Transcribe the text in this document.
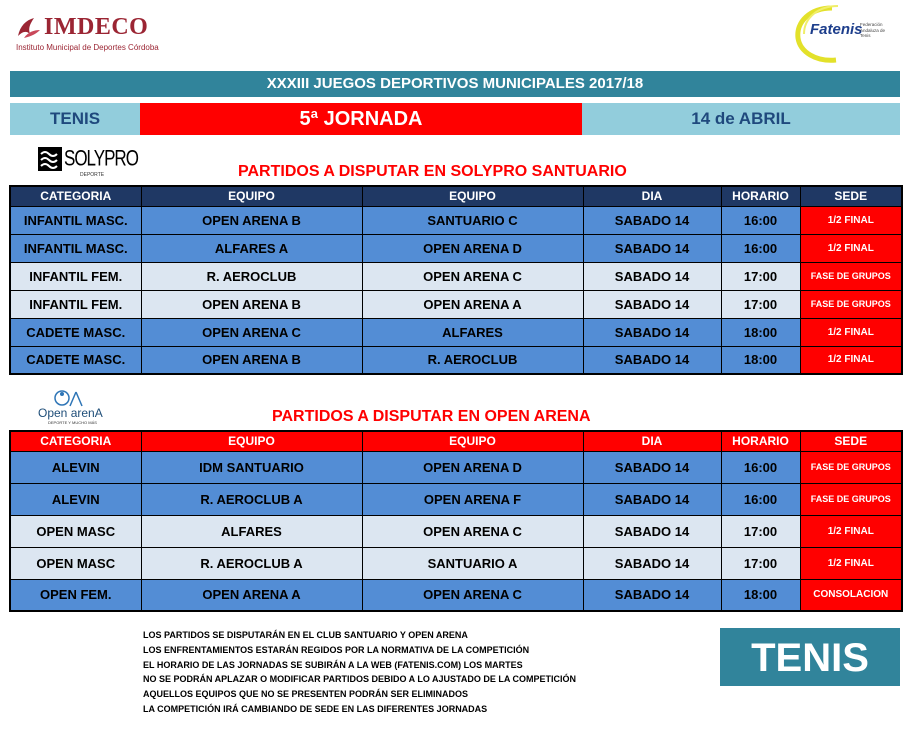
IMDECO
Instituto Municipal de Deportes Córdoba
Fatenis
Federación Andaluza de Tenis
XXXIII JUEGOS DEPORTIVOS MUNICIPALES 2017/18
TENIS	5ª JORNADA	14 de ABRIL
SOLYPRO
DEPORTE	PARTIDOS A DISPUTAR EN SOLYPRO SANTUARIO
CATEGORIA	EQUIPO	EQUIPO	DIA	HORARIO	SEDE
INFANTIL MASC.	OPEN ARENA B	SANTUARIO C	SABADO 14	16:00	1/2 FINAL
INFANTIL MASC.	ALFARES A	OPEN ARENA D	SABADO 14	16:00	1/2 FINAL
INFANTIL FEM.	R. AEROCLUB	OPEN ARENA C	SABADO 14	17:00	FASE DE GRUPOS
INFANTIL FEM.	OPEN ARENA B	OPEN ARENA A	SABADO 14	17:00	FASE DE GRUPOS
CADETE MASC.	OPEN ARENA C	ALFARES	SABADO 14	18:00	1/2 FINAL
CADETE MASC.	OPEN ARENA B	R. AEROCLUB	SABADO 14	18:00	1/2 FINAL
Open arenA
DEPORTE Y MUCHO MÁS	PARTIDOS A DISPUTAR EN OPEN ARENA
CATEGORIA	EQUIPO	EQUIPO	DIA	HORARIO	SEDE
ALEVIN	IDM SANTUARIO	OPEN ARENA D	SABADO 14	16:00	FASE DE GRUPOS
ALEVIN	R. AEROCLUB A	OPEN ARENA F	SABADO 14	16:00	FASE DE GRUPOS
OPEN MASC	ALFARES	OPEN ARENA C	SABADO 14	17:00	1/2 FINAL
OPEN MASC	R. AEROCLUB A	SANTUARIO A	SABADO 14	17:00	1/2 FINAL
OPEN FEM.	OPEN ARENA A	OPEN ARENA C	SABADO 14	18:00	CONSOLACION
LOS PARTIDOS SE DISPUTARÁN EN EL CLUB SANTUARIO Y OPEN ARENA
LOS ENFRENTAMIENTOS ESTARÁN REGIDOS POR LA NORMATIVA DE LA COMPETICIÓN
EL HORARIO DE LAS JORNADAS SE SUBIRÁN A LA WEB (FATENIS.COM) LOS MARTES
NO SE PODRÁN APLAZAR O MODIFICAR PARTIDOS DEBIDO A LO AJUSTADO DE LA COMPETICIÓN
AQUELLOS EQUIPOS QUE NO SE PRESENTEN PODRÁN SER ELIMINADOS
LA COMPETICIÓN IRÁ CAMBIANDO DE SEDE EN LAS DIFERENTES JORNADAS
TENIS
